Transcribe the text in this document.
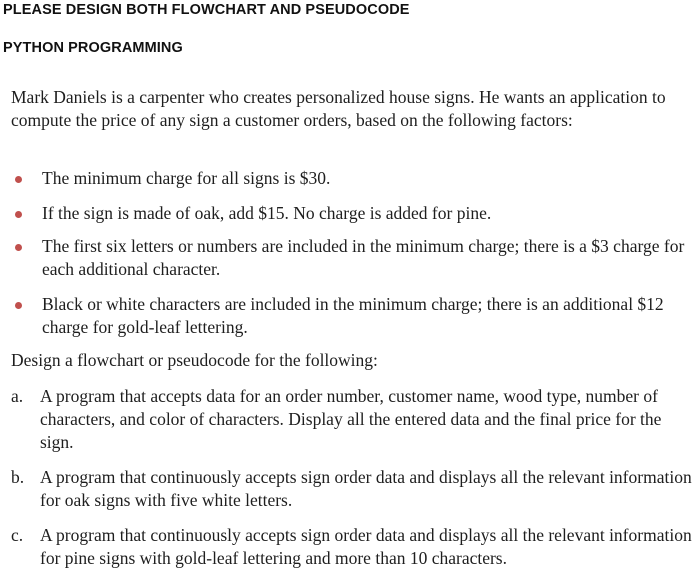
PLEASE DESIGN BOTH FLOWCHART AND PSEUDOCODE
PYTHON PROGRAMMING
Mark Daniels is a carpenter who creates personalized house signs. He wants an application to compute the price of any sign a customer orders, based on the following factors:
The minimum charge for all signs is $30.
If the sign is made of oak, add $15. No charge is added for pine.
The first six letters or numbers are included in the minimum charge; there is a $3 charge for each additional character.
Black or white characters are included in the minimum charge; there is an additional $12 charge for gold-leaf lettering.
Design a flowchart or pseudocode for the following:
a. A program that accepts data for an order number, customer name, wood type, number of characters, and color of characters. Display all the entered data and the final price for the sign.
b. A program that continuously accepts sign order data and displays all the relevant information for oak signs with five white letters.
c. A program that continuously accepts sign order data and displays all the relevant information for pine signs with gold-leaf lettering and more than 10 characters.
